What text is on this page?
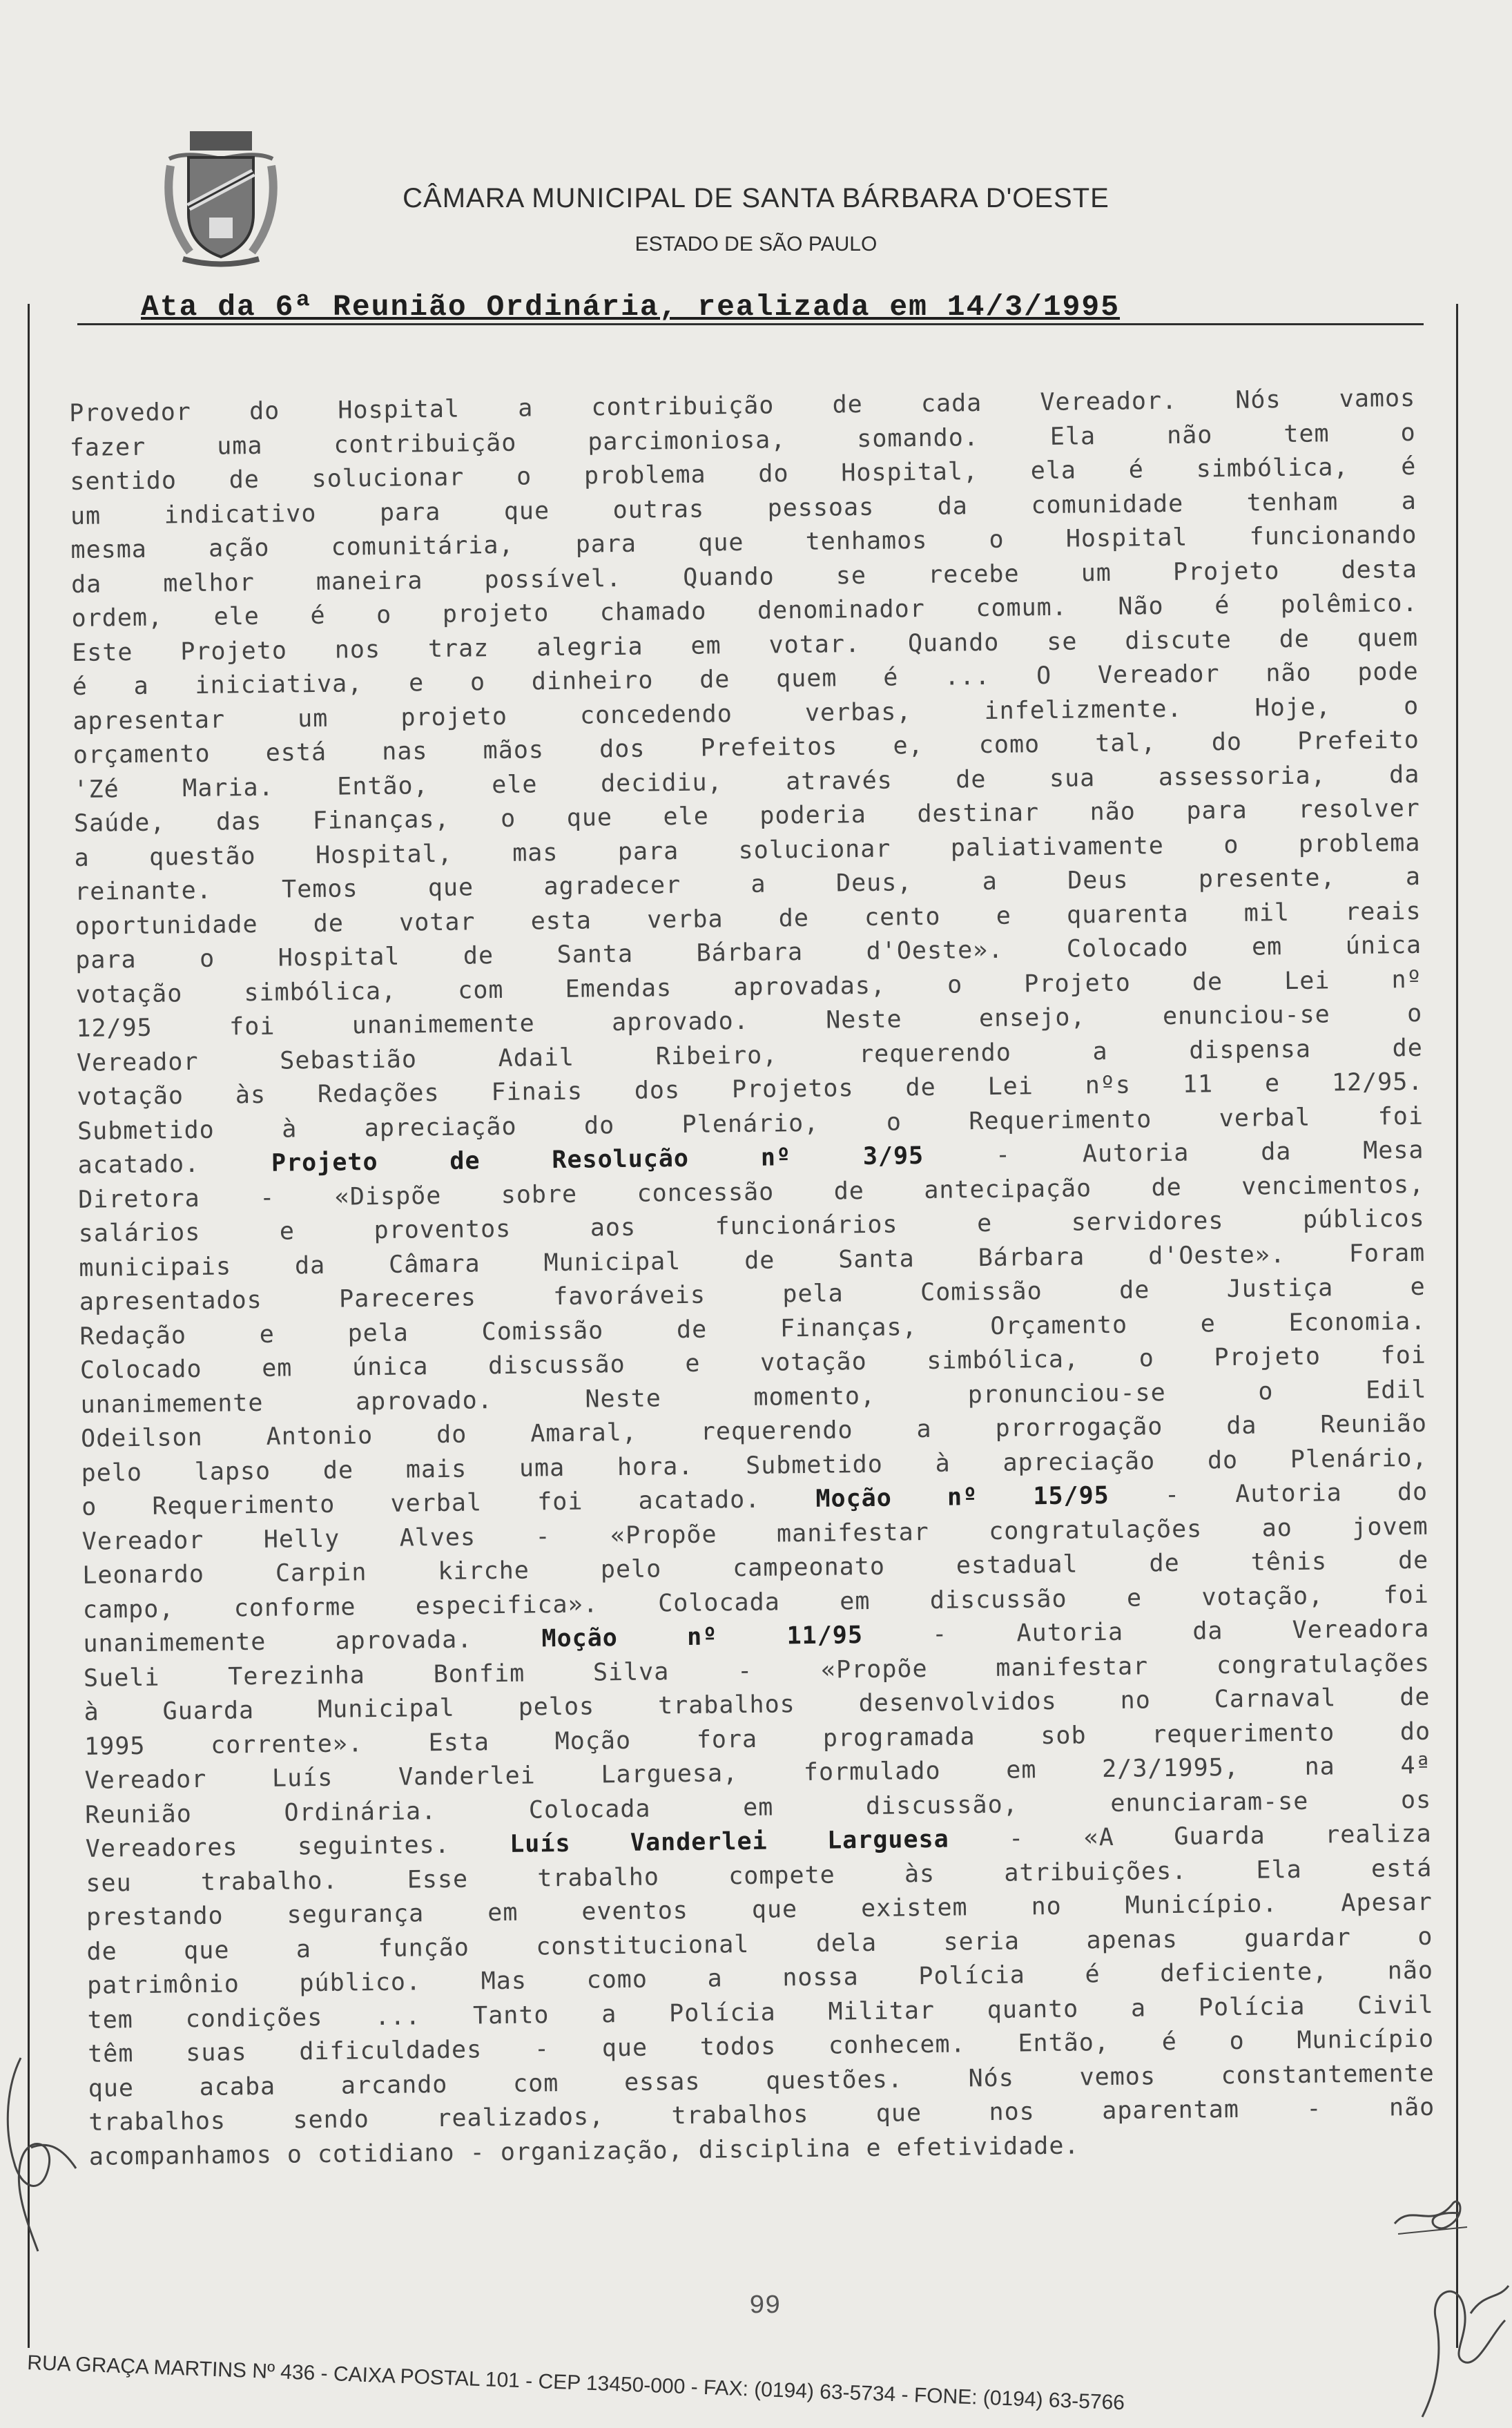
CÂMARA MUNICIPAL DE SANTA BÁRBARA D'OESTE
ESTADO DE SÃO PAULO
Ata da 6ª Reunião Ordinária, realizada em 14/3/1995
Provedor do Hospital a contribuição de cada Vereador. Nós vamos
fazer uma contribuição parcimoniosa, somando. Ela não tem o
sentido de solucionar o problema do Hospital, ela é simbólica, é
um indicativo para que outras pessoas da comunidade tenham a
mesma ação comunitária, para que tenhamos o Hospital funcionando
da melhor maneira possível. Quando se recebe um Projeto desta
ordem, ele é o projeto chamado denominador comum. Não é polêmico.
Este Projeto nos traz alegria em votar. Quando se discute de quem
é a iniciativa, e o dinheiro de quem é ... O Vereador não pode
apresentar um projeto concedendo verbas, infelizmente. Hoje, o
orçamento está nas mãos dos Prefeitos e, como tal, do Prefeito
'Zé Maria. Então, ele decidiu, através de sua assessoria, da
Saúde, das Finanças, o que ele poderia destinar não para resolver
a questão Hospital, mas para solucionar paliativamente o problema
reinante. Temos que agradecer a Deus, a Deus presente, a
oportunidade de votar esta verba de cento e quarenta mil reais
para o Hospital de Santa Bárbara d'Oeste». Colocado em única
votação simbólica, com Emendas aprovadas, o Projeto de Lei nº
12/95 foi unanimemente aprovado. Neste ensejo, enunciou-se o
Vereador Sebastião Adail Ribeiro, requerendo a dispensa de
votação às Redações Finais dos Projetos de Lei nºs 11 e 12/95.
Submetido à apreciação do Plenário, o Requerimento verbal foi
acatado. Projeto de Resolução nº 3/95 - Autoria da Mesa
Diretora - «Dispõe sobre concessão de antecipação de vencimentos,
salários e proventos aos funcionários e servidores públicos
municipais da Câmara Municipal de Santa Bárbara d'Oeste». Foram
apresentados Pareceres favoráveis pela Comissão de Justiça e
Redação e pela Comissão de Finanças, Orçamento e Economia.
Colocado em única discussão e votação simbólica, o Projeto foi
unanimemente aprovado. Neste momento, pronunciou-se o Edil
Odeilson Antonio do Amaral, requerendo a prorrogação da Reunião
pelo lapso de mais uma hora. Submetido à apreciação do Plenário,
o Requerimento verbal foi acatado. Moção nº 15/95 - Autoria do
Vereador Helly Alves - «Propõe manifestar congratulações ao jovem
Leonardo Carpin kirche pelo campeonato estadual de tênis de
campo, conforme especifica». Colocada em discussão e votação, foi
unanimemente aprovada. Moção nº 11/95 - Autoria da Vereadora
Sueli Terezinha Bonfim Silva - «Propõe manifestar congratulações
à Guarda Municipal pelos trabalhos desenvolvidos no Carnaval de
1995 corrente». Esta Moção fora programada sob requerimento do
Vereador Luís Vanderlei Larguesa, formulado em 2/3/1995, na 4ª
Reunião Ordinária. Colocada em discussão, enunciaram-se os
Vereadores seguintes. Luís Vanderlei Larguesa - «A Guarda realiza
seu trabalho. Esse trabalho compete às atribuições. Ela está
prestando segurança em eventos que existem no Município. Apesar
de que a função constitucional dela seria apenas guardar o
patrimônio público. Mas como a nossa Polícia é deficiente, não
tem condições ... Tanto a Polícia Militar quanto a Polícia Civil
têm suas dificuldades - que todos conhecem. Então, é o Município
que acaba arcando com essas questões. Nós vemos constantemente
trabalhos sendo realizados, trabalhos que nos aparentam - não
acompanhamos o cotidiano - organização, disciplina e efetividade.
99
RUA GRAÇA MARTINS Nº 436 - CAIXA POSTAL 101 - CEP 13450-000 - FAX: (0194) 63-5734 - FONE: (0194) 63-5766
